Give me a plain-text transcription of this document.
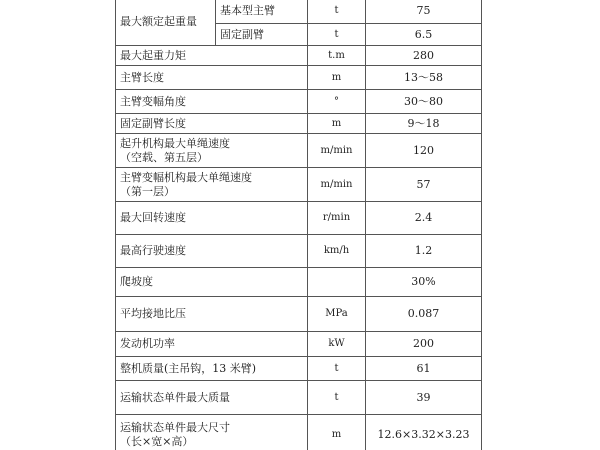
最大额定起重量	基本型主臂	t	75
	固定副臂	t	6.5
最大起重力矩		t.m	280
主臂长度		m	13～58
主臂变幅角度		°	30～80
固定副臂长度		m	9～18

起升机构最大单绳速度
（空载、第五层）		m/min	120

主臂变幅机构最大单绳速度
（第一层）		m/min	57
最大回转速度		r/min	2.4
最高行驶速度		km/h	1.2
爬坡度			30%
平均接地比压		MPa	0.087
发动机功率		kW	200
整机质量(主吊钩，13 米臂)		t	61
运输状态单件最大质量		t	39

运输状态单件最大尺寸
（长×宽×高）		m	12.6×3.32×3.23
